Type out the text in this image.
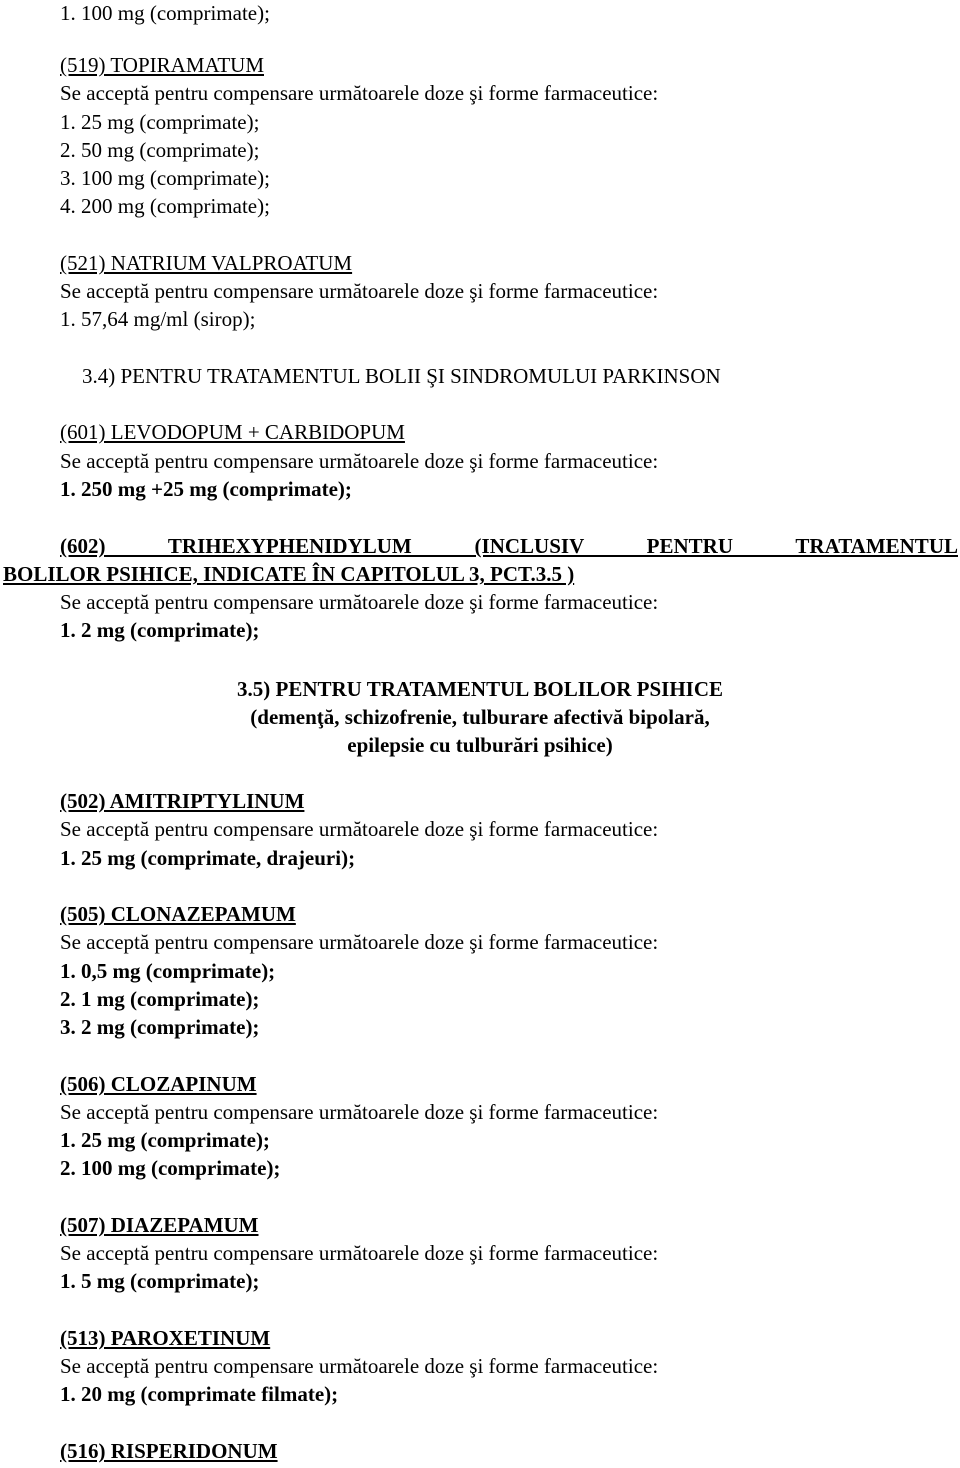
1. 100 mg (comprimate);
(519) TOPIRAMATUM
Se acceptă pentru compensare următoarele doze şi forme farmaceutice:
1. 25 mg (comprimate);
2. 50 mg (comprimate);
3. 100 mg (comprimate);
4. 200 mg (comprimate);
(521) NATRIUM VALPROATUM
Se acceptă pentru compensare următoarele doze şi forme farmaceutice:
1. 57,64 mg/ml (sirop);
3.4) PENTRU TRATAMENTUL BOLII ŞI SINDROMULUI PARKINSON
(601) LEVODOPUM + CARBIDOPUM
Se acceptă pentru compensare următoarele doze şi forme farmaceutice:
1. 250 mg +25 mg (comprimate);
(602) TRIHEXYPHENIDYLUM (INCLUSIV PENTRU TRATAMENTUL
BOLILOR PSIHICE, INDICATE ÎN CAPITOLUL 3, PCT.3.5 )
Se acceptă pentru compensare următoarele doze şi forme farmaceutice:
1. 2 mg (comprimate);
3.5) PENTRU TRATAMENTUL BOLILOR PSIHICE
(demenţă, schizofrenie, tulburare afectivă bipolară,
epilepsie cu tulburări psihice)
(502) AMITRIPTYLINUM
Se acceptă pentru compensare următoarele doze şi forme farmaceutice:
1. 25 mg (comprimate, drajeuri);
(505) CLONAZEPAMUM
Se acceptă pentru compensare următoarele doze şi forme farmaceutice:
1. 0,5 mg (comprimate);
2. 1 mg (comprimate);
3. 2 mg (comprimate);
(506) CLOZAPINUM
Se acceptă pentru compensare următoarele doze şi forme farmaceutice:
1. 25 mg (comprimate);
2. 100 mg (comprimate);
(507) DIAZEPAMUM
Se acceptă pentru compensare următoarele doze şi forme farmaceutice:
1. 5 mg (comprimate);
(513) PAROXETINUM
Se acceptă pentru compensare următoarele doze şi forme farmaceutice:
1. 20 mg (comprimate filmate);
(516) RISPERIDONUM
